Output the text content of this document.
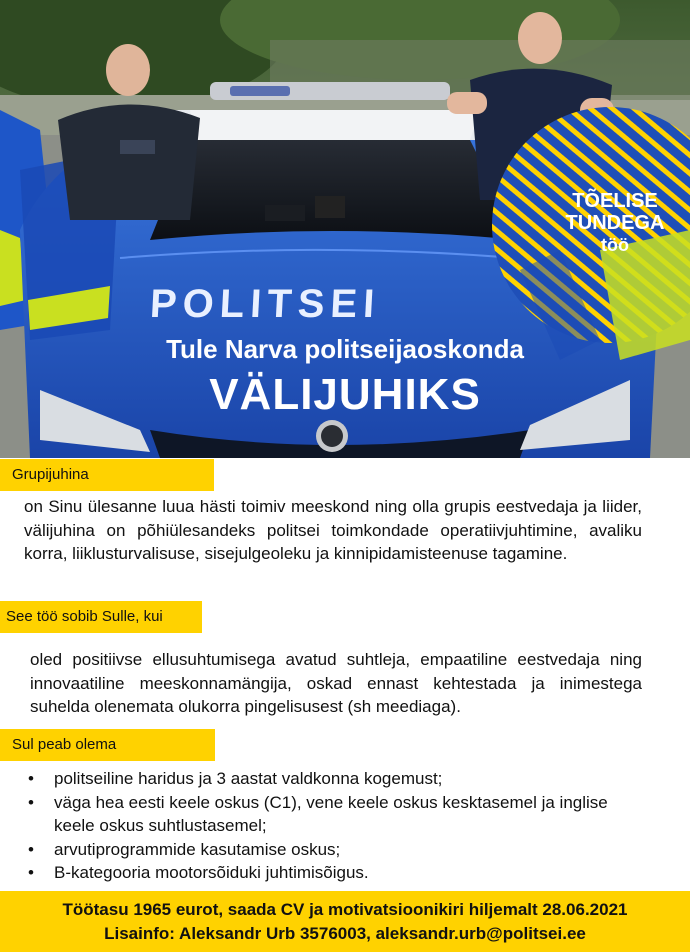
POLITSEI
TÕELISE
TUNDEGA
töö
Tule Narva politseijaoskonda
VÄLIJUHIKS
Grupijuhina
on Sinu ülesanne luua hästi toimiv meeskond ning olla grupis eestvedaja ja liider, välijuhina on põhiülesandeks politsei toimkondade operatiivjuhtimine, avaliku korra, liiklusturvalisuse, sisejulgeoleku ja kinnipidamisteenuse tagamine.
See töö sobib Sulle, kui
oled positiivse ellusuhtumisega avatud suhtleja, empaatiline eestvedaja ning innovaatiline meeskonnamängija, oskad ennast kehtestada ja inimestega suhelda olenemata olukorra pingelisusest (sh meediaga).
Sul peab olema
• politseiline haridus ja 3 aastat valdkonna kogemust;
• väga hea eesti keele oskus (C1), vene keele oskus kesktasemel ja inglise keele oskus suhtlustasemel;
• arvutiprogrammide kasutamise oskus;
• B-kategooria mootorsõiduki juhtimisõigus.
Töötasu 1965 eurot, saada CV ja motivatsioonikiri hiljemalt 28.06.2021
Lisainfo: Aleksandr Urb 3576003, aleksandr.urb@politsei.ee
